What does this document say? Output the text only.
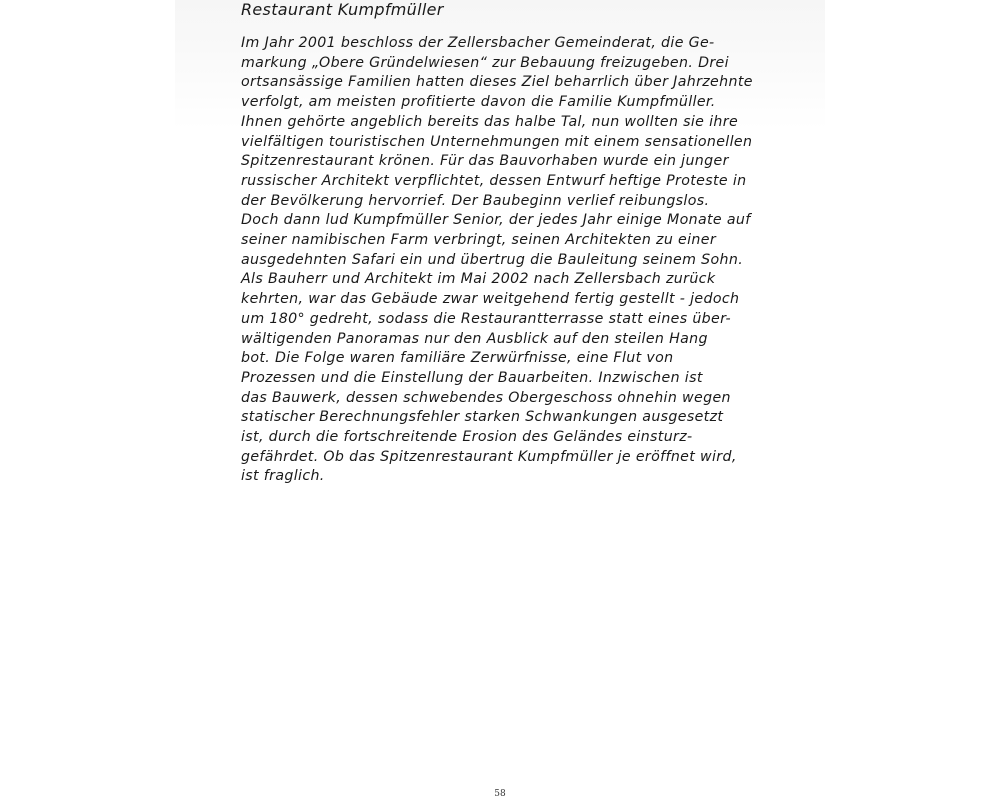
Restaurant Kumpfmüller
Im Jahr 2001 beschloss der Zellersbacher Gemeinderat, die Ge-
markung „Obere Gründelwiesen“ zur Bebauung freizugeben. Drei
ortsansässige Familien hatten dieses Ziel beharrlich über Jahrzehnte
verfolgt, am meisten profitierte davon die Familie Kumpfmüller.
Ihnen gehörte angeblich bereits das halbe Tal, nun wollten sie ihre
vielfältigen touristischen Unternehmungen mit einem sensationellen
Spitzenrestaurant krönen. Für das Bauvorhaben wurde ein junger
russischer Architekt verpflichtet, dessen Entwurf heftige Proteste in
der Bevölkerung hervorrief. Der Baubeginn verlief reibungslos.
Doch dann lud Kumpfmüller Senior, der jedes Jahr einige Monate auf
seiner namibischen Farm verbringt, seinen Architekten zu einer
ausgedehnten Safari ein und übertrug die Bauleitung seinem Sohn.
Als Bauherr und Architekt im Mai 2002 nach Zellersbach zurück
kehrten, war das Gebäude zwar weitgehend fertig gestellt - jedoch
um 180° gedreht, sodass die Restaurantterrasse statt eines über-
wältigenden Panoramas nur den Ausblick auf den steilen Hang
bot. Die Folge waren familiäre Zerwürfnisse, eine Flut von
Prozessen und die Einstellung der Bauarbeiten. Inzwischen ist
das Bauwerk, dessen schwebendes Obergeschoss ohnehin wegen
statischer Berechnungsfehler starken Schwankungen ausgesetzt
ist, durch die fortschreitende Erosion des Geländes einsturz-
gefährdet. Ob das Spitzenrestaurant Kumpfmüller je eröffnet wird,
ist fraglich.
58
